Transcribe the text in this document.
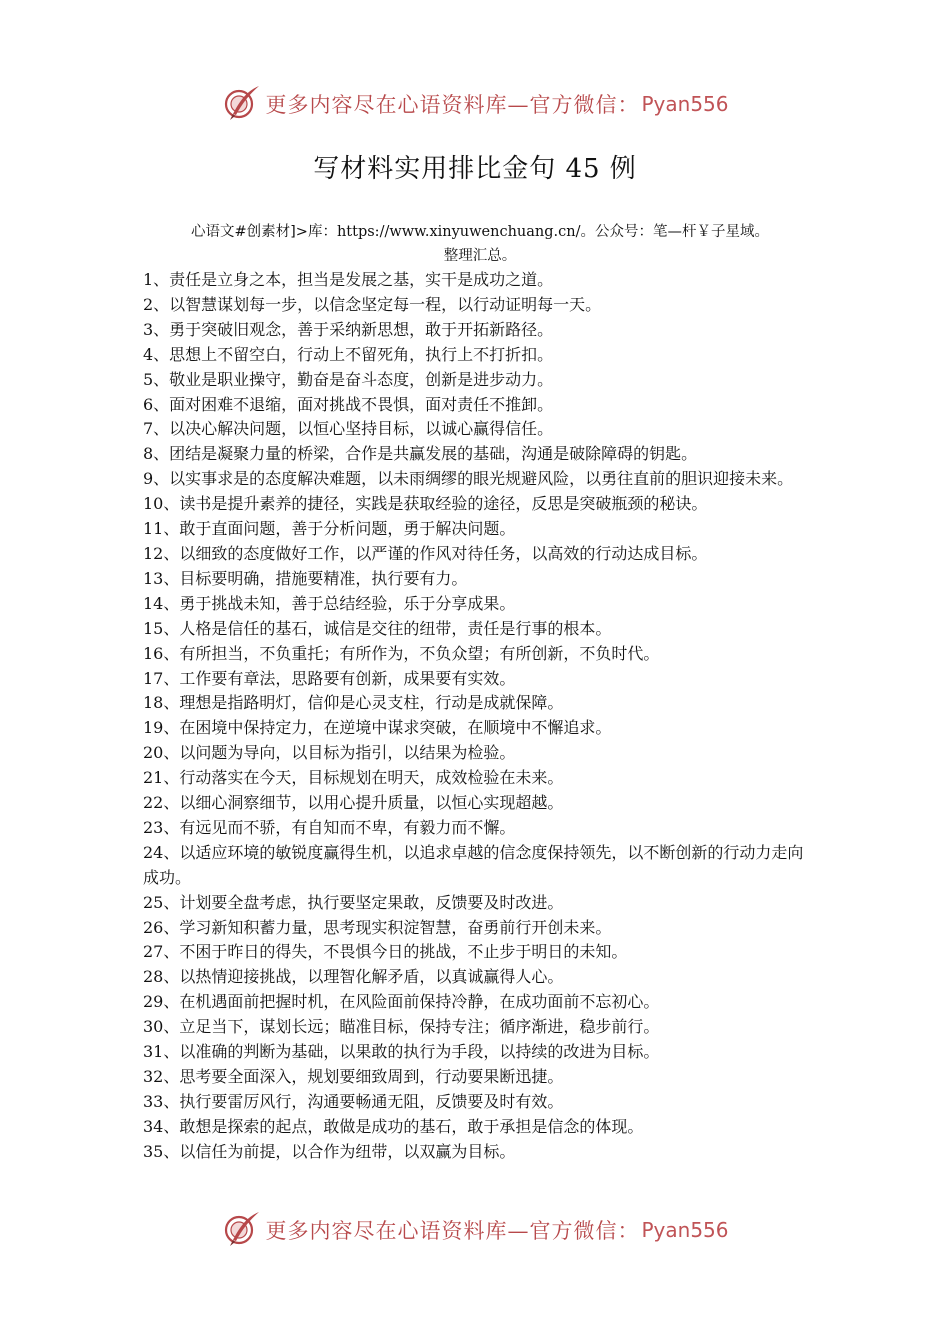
更多内容尽在心语资料库—官方微信： Pyan556
写材料实用排比金句 45 例
心语文#创素材]>库：https://www.xinyuwenchuang.cn/。公众号：笔—杆￥子星域。
整理汇总。
1、责任是立身之本，担当是发展之基，实干是成功之道。
2、以智慧谋划每一步，以信念坚定每一程，以行动证明每一天。
3、勇于突破旧观念，善于采纳新思想，敢于开拓新路径。
4、思想上不留空白，行动上不留死角，执行上不打折扣。
5、敬业是职业操守，勤奋是奋斗态度，创新是进步动力。
6、面对困难不退缩，面对挑战不畏惧，面对责任不推卸。
7、以决心解决问题，以恒心坚持目标，以诚心赢得信任。
8、团结是凝聚力量的桥梁，合作是共赢发展的基础，沟通是破除障碍的钥匙。
9、以实事求是的态度解决难题，以未雨绸缪的眼光规避风险，以勇往直前的胆识迎接未来。
10、读书是提升素养的捷径，实践是获取经验的途径，反思是突破瓶颈的秘诀。
11、敢于直面问题，善于分析问题，勇于解决问题。
12、以细致的态度做好工作，以严谨的作风对待任务，以高效的行动达成目标。
13、目标要明确，措施要精准，执行要有力。
14、勇于挑战未知，善于总结经验，乐于分享成果。
15、人格是信任的基石，诚信是交往的纽带，责任是行事的根本。
16、有所担当，不负重托；有所作为，不负众望；有所创新，不负时代。
17、工作要有章法，思路要有创新，成果要有实效。
18、理想是指路明灯，信仰是心灵支柱，行动是成就保障。
19、在困境中保持定力，在逆境中谋求突破，在顺境中不懈追求。
20、以问题为导向，以目标为指引，以结果为检验。
21、行动落实在今天，目标规划在明天，成效检验在未来。
22、以细心洞察细节，以用心提升质量，以恒心实现超越。
23、有远见而不骄，有自知而不卑，有毅力而不懈。
24、以适应环境的敏锐度赢得生机，以追求卓越的信念度保持领先，以不断创新的行动力走向成功。
25、计划要全盘考虑，执行要坚定果敢，反馈要及时改进。
26、学习新知积蓄力量，思考现实积淀智慧，奋勇前行开创未来。
27、不困于昨日的得失，不畏惧今日的挑战，不止步于明日的未知。
28、以热情迎接挑战，以理智化解矛盾，以真诚赢得人心。
29、在机遇面前把握时机，在风险面前保持冷静，在成功面前不忘初心。
30、立足当下，谋划长远；瞄准目标，保持专注；循序渐进，稳步前行。
31、以准确的判断为基础，以果敢的执行为手段，以持续的改进为目标。
32、思考要全面深入，规划要细致周到，行动要果断迅捷。
33、执行要雷厉风行，沟通要畅通无阻，反馈要及时有效。
34、敢想是探索的起点，敢做是成功的基石，敢于承担是信念的体现。
35、以信任为前提，以合作为纽带，以双赢为目标。
更多内容尽在心语资料库—官方微信： Pyan556
